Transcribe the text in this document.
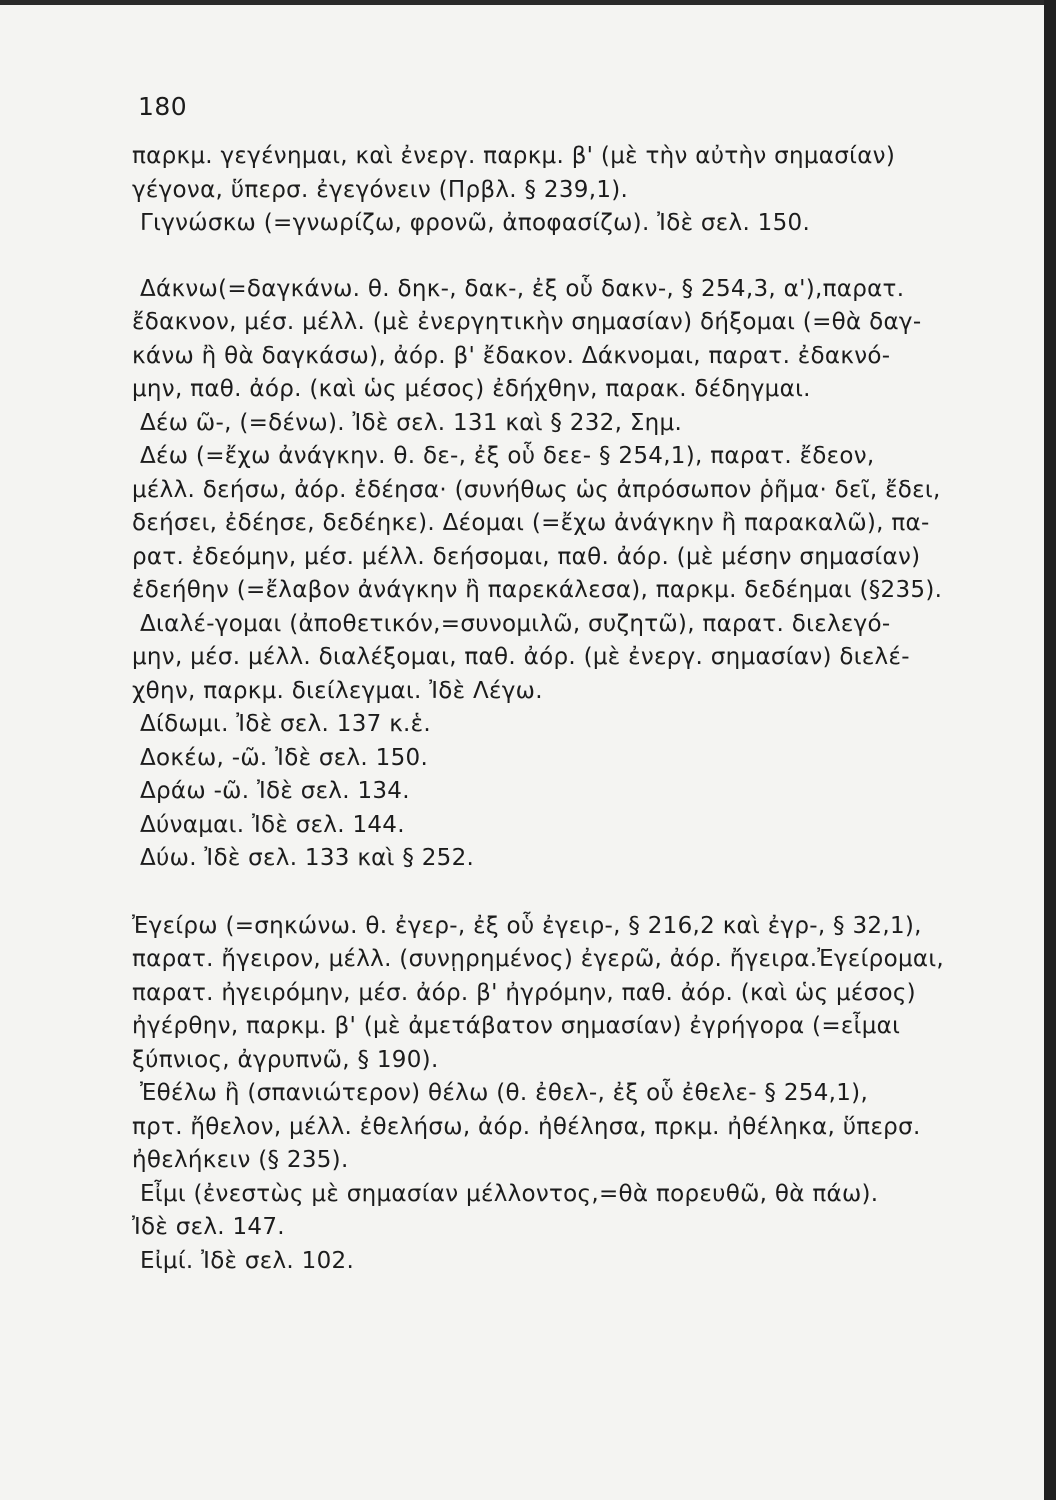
180
παρκμ. γεγένημαι, καὶ ἐνεργ. παρκμ. β' (μὲ τὴν αὐτὴν σημασίαν)
γέγονα, ὕπερσ. ἐγεγόνειν (Πρβλ. § 239,1).
Γιγνώσκω (=γνωρίζω, φρονῶ, ἀποφασίζω). Ἰδὲ σελ. 150.
Δάκνω(=δαγκάνω. θ. δηκ-, δακ-, ἐξ οὗ δακν-, § 254,3, α'),παρατ.
ἔδακνον, μέσ. μέλλ. (μὲ ἐνεργητικὴν σημασίαν) δήξομαι (=θὰ δαγ-
κάνω ἢ θὰ δαγκάσω), ἀόρ. β' ἔδακον. Δάκνομαι, παρατ. ἐδακνό-
μην, παθ. ἀόρ. (καὶ ὡς μέσος) ἐδήχθην, παρακ. δέδηγμαι.
Δέω ῶ-, (=δένω). Ἰδὲ σελ. 131 καὶ § 232, Σημ.
Δέω (=ἔχω ἀνάγκην. θ. δε-, ἐξ οὗ δεε- § 254,1), παρατ. ἔδεον,
μέλλ. δεήσω, ἀόρ. ἐδέησα· (συνήθως ὡς ἀπρόσωπον ῥῆμα· δεῖ, ἔδει,
δεήσει, ἐδέησε, δεδέηκε). Δέομαι (=ἔχω ἀνάγκην ἢ παρακαλῶ), πα-
ρατ. ἐδεόμην, μέσ. μέλλ. δεήσομαι, παθ. ἀόρ. (μὲ μέσην σημασίαν)
ἐδεήθην (=ἔλαβον ἀνάγκην ἢ παρεκάλεσα), παρκμ. δεδέημαι (§235).
Διαλέ-γομαι (ἀποθετικόν,=συνομιλῶ, συζητῶ), παρατ. διελεγό-
μην, μέσ. μέλλ. διαλέξομαι, παθ. ἀόρ. (μὲ ἐνεργ. σημασίαν) διελέ-
χθην, παρκμ. διείλεγμαι. Ἰδὲ Λέγω.
Δίδωμι. Ἰδὲ σελ. 137 κ.ἑ.
Δοκέω, -ῶ. Ἰδὲ σελ. 150.
Δράω -ῶ. Ἰδὲ σελ. 134.
Δύναμαι. Ἰδὲ σελ. 144.
Δύω. Ἰδὲ σελ. 133 καὶ § 252.
Ἐγείρω (=σηκώνω. θ. ἐγερ-, ἐξ οὗ ἐγειρ-, § 216,2 καὶ ἐγρ-, § 32,1),
παρατ. ἤγειρον, μέλλ. (συνῃρημένος) ἐγερῶ, ἀόρ. ἤγειρα.Ἐγείρομαι,
παρατ. ἠγειρόμην, μέσ. ἀόρ. β' ἠγρόμην, παθ. ἀόρ. (καὶ ὡς μέσος)
ἠγέρθην, παρκμ. β' (μὲ ἀμετάβατον σημασίαν) ἐγρήγορα (=εἶμαι
ξύπνιος, ἀγρυπνῶ, § 190).
Ἐθέλω ἢ (σπανιώτερον) θέλω (θ. ἐθελ-, ἐξ οὗ ἐθελε- § 254,1),
πρτ. ἤθελον, μέλλ. ἐθελήσω, ἀόρ. ἠθέλησα, πρκμ. ἠθέληκα, ὕπερσ.
ἠθελήκειν (§ 235).
Εἶμι (ἐνεστὼς μὲ σημασίαν μέλλοντος,=θὰ πορευθῶ, θὰ πάω).
Ἰδὲ σελ. 147.
Εἰμί. Ἰδὲ σελ. 102.
